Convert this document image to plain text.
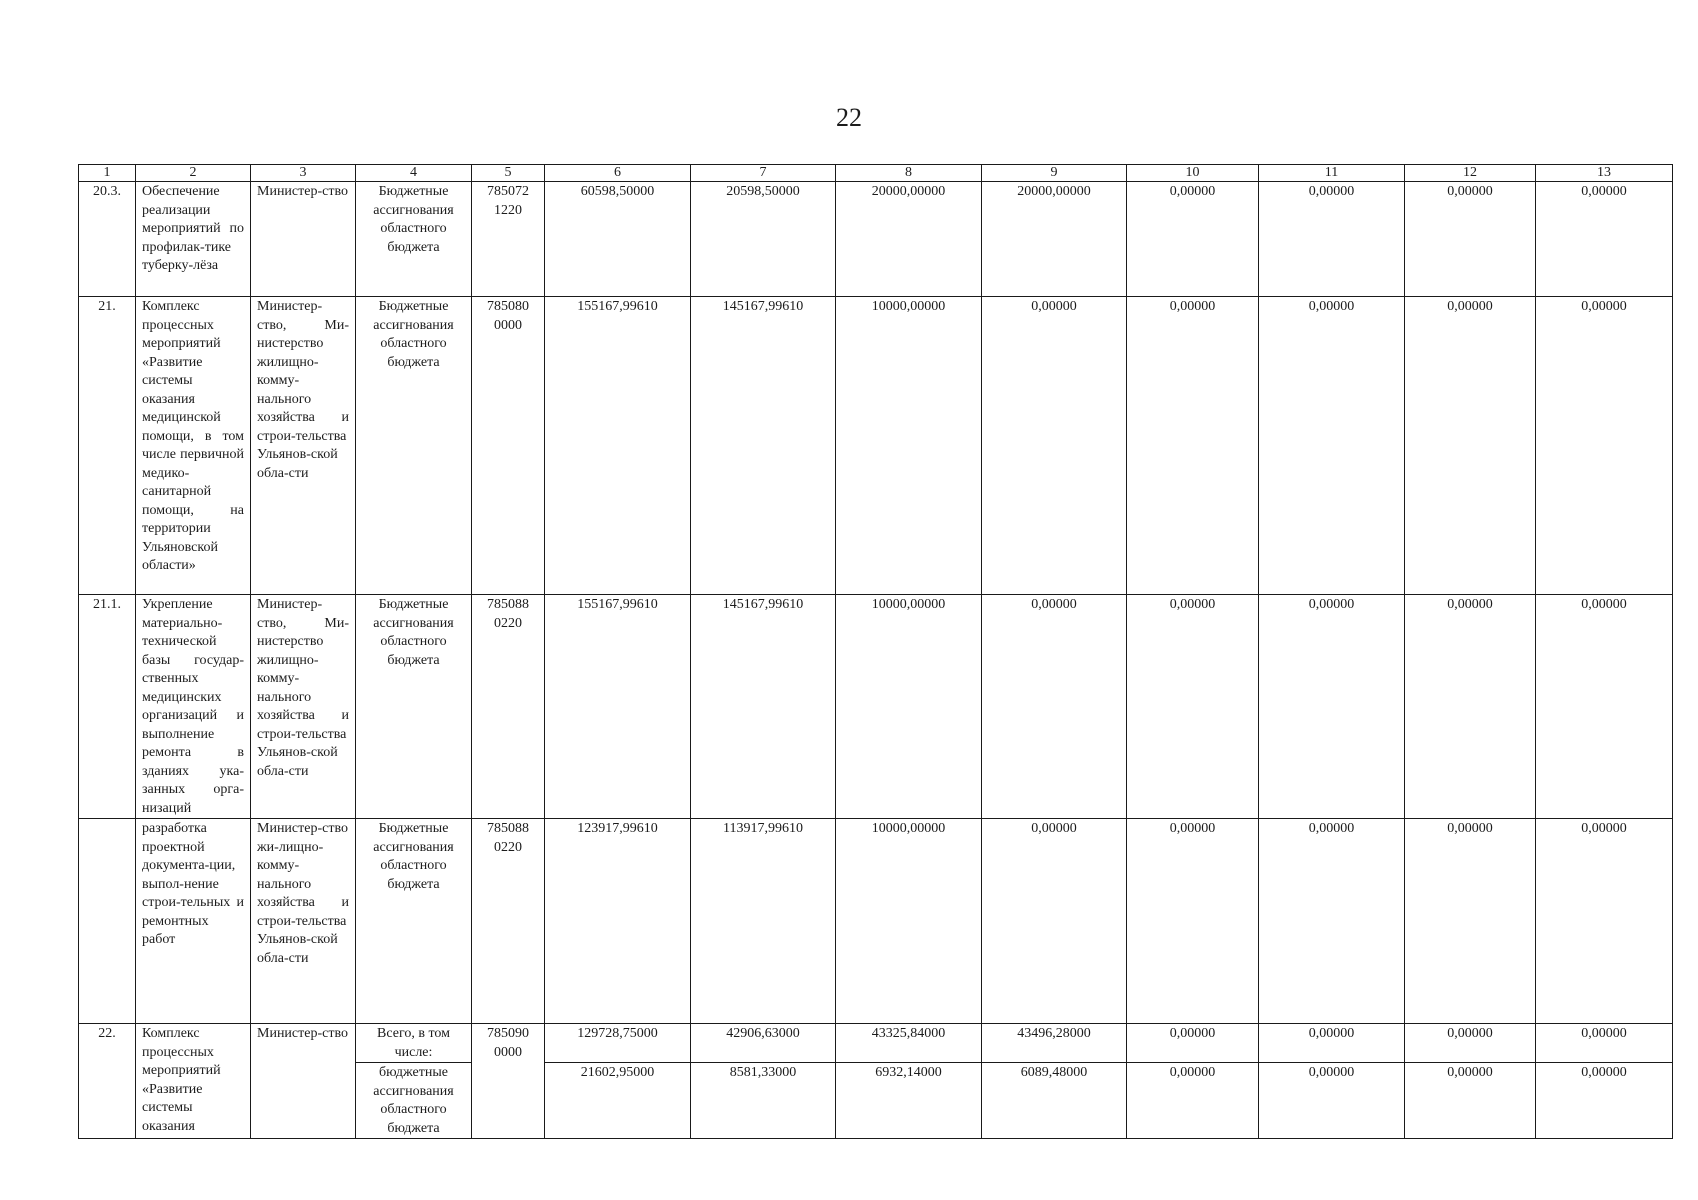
22
1	2	3	4	5	6	7	8	9	10	11	12	13
20.3.	Обеспечение реализации мероприятий по профилак-тике туберку-лёза	Министер-ство	Бюджетные ассигнования областного бюджета	785072 1220	60598,50000	20598,50000	20000,00000	20000,00000	0,00000	0,00000	0,00000	0,00000
21.	Комплекс процессных мероприятий «Развитие системы оказания медицинской помощи, в том числе первичной медико-санитарной помощи, на территории Ульяновской области»	Министер-ство, Ми-нистерство жилищно-комму-нального хозяйства и строи-тельства Ульянов-ской обла-сти	Бюджетные ассигнования областного бюджета	785080 0000	155167,99610	145167,99610	10000,00000	0,00000	0,00000	0,00000	0,00000	0,00000
21.1.	Укрепление материально-технической базы государ-ственных медицинских организаций и выполнение ремонта в зданиях ука-занных орга-низаций	Министер-ство, Ми-нистерство жилищно-комму-нального хозяйства и строи-тельства Ульянов-ской обла-сти	Бюджетные ассигнования областного бюджета	785088 0220	155167,99610	145167,99610	10000,00000	0,00000	0,00000	0,00000	0,00000	0,00000
	разработка проектной документа-ции, выпол-нение строи-тельных и ремонтных работ	Министер-ство жи-лищно-комму-нального хозяйства и строи-тельства Ульянов-ской обла-сти	Бюджетные ассигнования областного бюджета	785088 0220	123917,99610	113917,99610	10000,00000	0,00000	0,00000	0,00000	0,00000	0,00000
22.	Комплекс процессных мероприятий «Развитие системы оказания	Министер-ство	Всего, в том числе:	785090 0000	129728,75000	42906,63000	43325,84000	43496,28000	0,00000	0,00000	0,00000	0,00000
			бюджетные ассигнования областного бюджета		21602,95000	8581,33000	6932,14000	6089,48000	0,00000	0,00000	0,00000	0,00000
